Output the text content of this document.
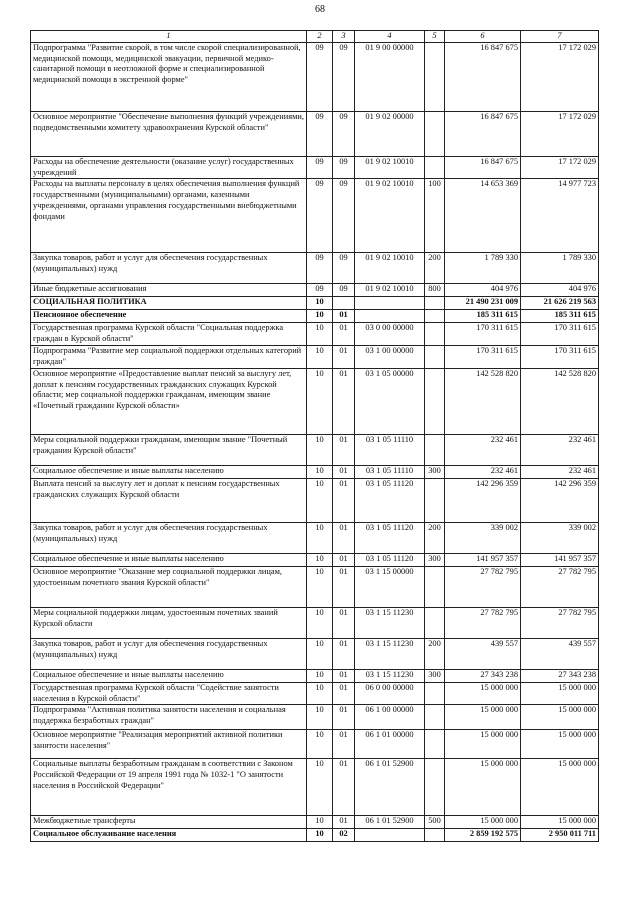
68
1	2	3	4	5	6	7
Подпрограмма "Развитие скорой, в том числе скорой специализированной, медицинской помощи, медицинской эвакуации, первичной медико-санитарной помощи в неотложной форме и специализированной медицинской помощи в экстренной форме"	09	09	01 9 00 00000		16 847 675	17 172 029
Основное мероприятие "Обеспечение выполнения функций учреждениями, подведомственными комитету здравоохранения Курской области"	09	09	01 9 02 00000		16 847 675	17 172 029
Расходы на обеспечение деятельности (оказание услуг) государственных учреждений	09	09	01 9 02 10010		16 847 675	17 172 029
Расходы на выплаты персоналу в целях обеспечения выполнения функций государственными (муниципальными) органами, казенными учреждениями, органами управления государственными внебюджетными фондами	09	09	01 9 02 10010	100	14 653 369	14 977 723
Закупка товаров, работ и услуг для обеспечения государственных (муниципальных) нужд	09	09	01 9 02 10010	200	1 789 330	1 789 330
Иные бюджетные ассигнования	09	09	01 9 02 10010	800	404 976	404 976
СОЦИАЛЬНАЯ ПОЛИТИКА	10				21 490 231 009	21 626 219 563
Пенсионное обеспечение	10	01			185 311 615	185 311 615
Государственная программа Курской области "Социальная поддержка граждан в Курской области"	10	01	03 0 00 00000		170 311 615	170 311 615
Подпрограмма "Развитие мер социальной поддержки отдельных категорий граждан"	10	01	03 1 00 00000		170 311 615	170 311 615
Основное мероприятие «Предоставление выплат пенсий за выслугу лет, доплат к пенсиям государственных гражданских служащих Курской области; мер социальной поддержки гражданам, имеющим звание «Почетный гражданин Курской области»	10	01	03 1 05 00000		142 528 820	142 528 820
Меры социальной поддержки гражданам, имеющим звание "Почетный гражданин Курской области"	10	01	03 1 05 11110		232 461	232 461
Социальное обеспечение и иные выплаты населению	10	01	03 1 05 11110	300	232 461	232 461
Выплата пенсий за выслугу лет и доплат к пенсиям государственных гражданских служащих Курской области	10	01	03 1 05 11120		142 296 359	142 296 359
Закупка товаров, работ и услуг для обеспечения государственных (муниципальных) нужд	10	01	03 1 05 11120	200	339 002	339 002
Социальное обеспечение и иные выплаты населению	10	01	03 1 05 11120	300	141 957 357	141 957 357
Основное мероприятие "Оказание мер социальной поддержки лицам, удостоенным почетного звания Курской области"	10	01	03 1 15 00000		27 782 795	27 782 795
Меры социальной поддержки лицам, удостоенным почетных званий Курской области	10	01	03 1 15 11230		27 782 795	27 782 795
Закупка товаров, работ и услуг для обеспечения государственных (муниципальных) нужд	10	01	03 1 15 11230	200	439 557	439 557
Социальное обеспечение и иные выплаты населению	10	01	03 1 15 11230	300	27 343 238	27 343 238
Государственная программа Курской области "Содействие занятости населения в Курской области"	10	01	06 0 00 00000		15 000 000	15 000 000
Подпрограмма "Активная политика занятости населения и социальная поддержка безработных граждан"	10	01	06 1 00 00000		15 000 000	15 000 000
Основное мероприятие "Реализация мероприятий активной политики занятости населения"	10	01	06 1 01 00000		15 000 000	15 000 000
Социальные выплаты безработным гражданам в соответствии с Законом Российской Федерации от 19 апреля 1991 года № 1032-1 "О занятости населения в Российской Федерации"	10	01	06 1 01 52900		15 000 000	15 000 000
Межбюджетные трансферты	10	01	06 1 01 52900	500	15 000 000	15 000 000
Социальное обслуживание населения	10	02			2 859 192 575	2 950 011 711
